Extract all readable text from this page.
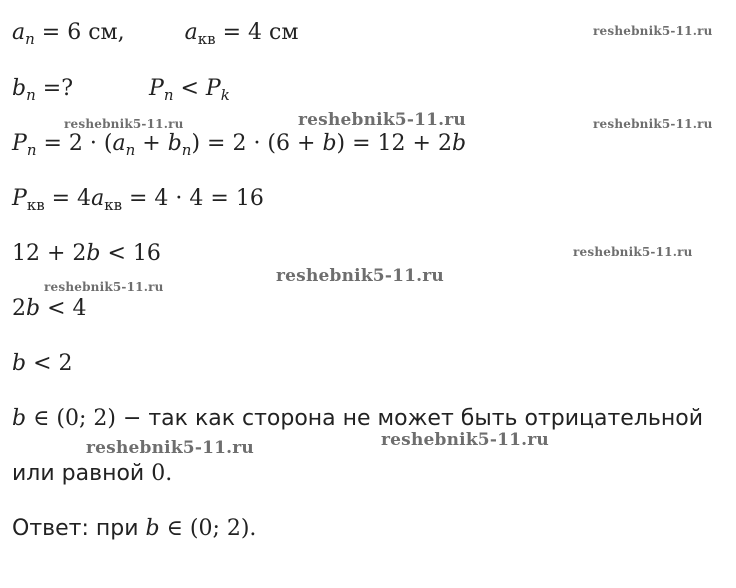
$a_n = 6$ см,	$a_{кв} = 4$ см
$b_n$ =?	$P_n < P_k$
$P_n = 2 \cdot (a_n + b_n) = 2 \cdot (6 + b) = 12 + 2b$
$P_{кв} = 4a_{кв} = 4 \cdot 4 = 16$
12 + 2b < 16
2b < 4
b < 2
b ∈ (0; 2) − так как сторона не может быть отрицательной
или равной 0.
Ответ: при b ∈ (0; 2).
reshebnik5-11.ru
reshebnik5-11.ru	reshebnik5-11.ru	reshebnik5-11.ru
reshebnik5-11.ru
reshebnik5-11.ru
reshebnik5-11.ru
reshebnik5-11.ru	reshebnik5-11.ru
